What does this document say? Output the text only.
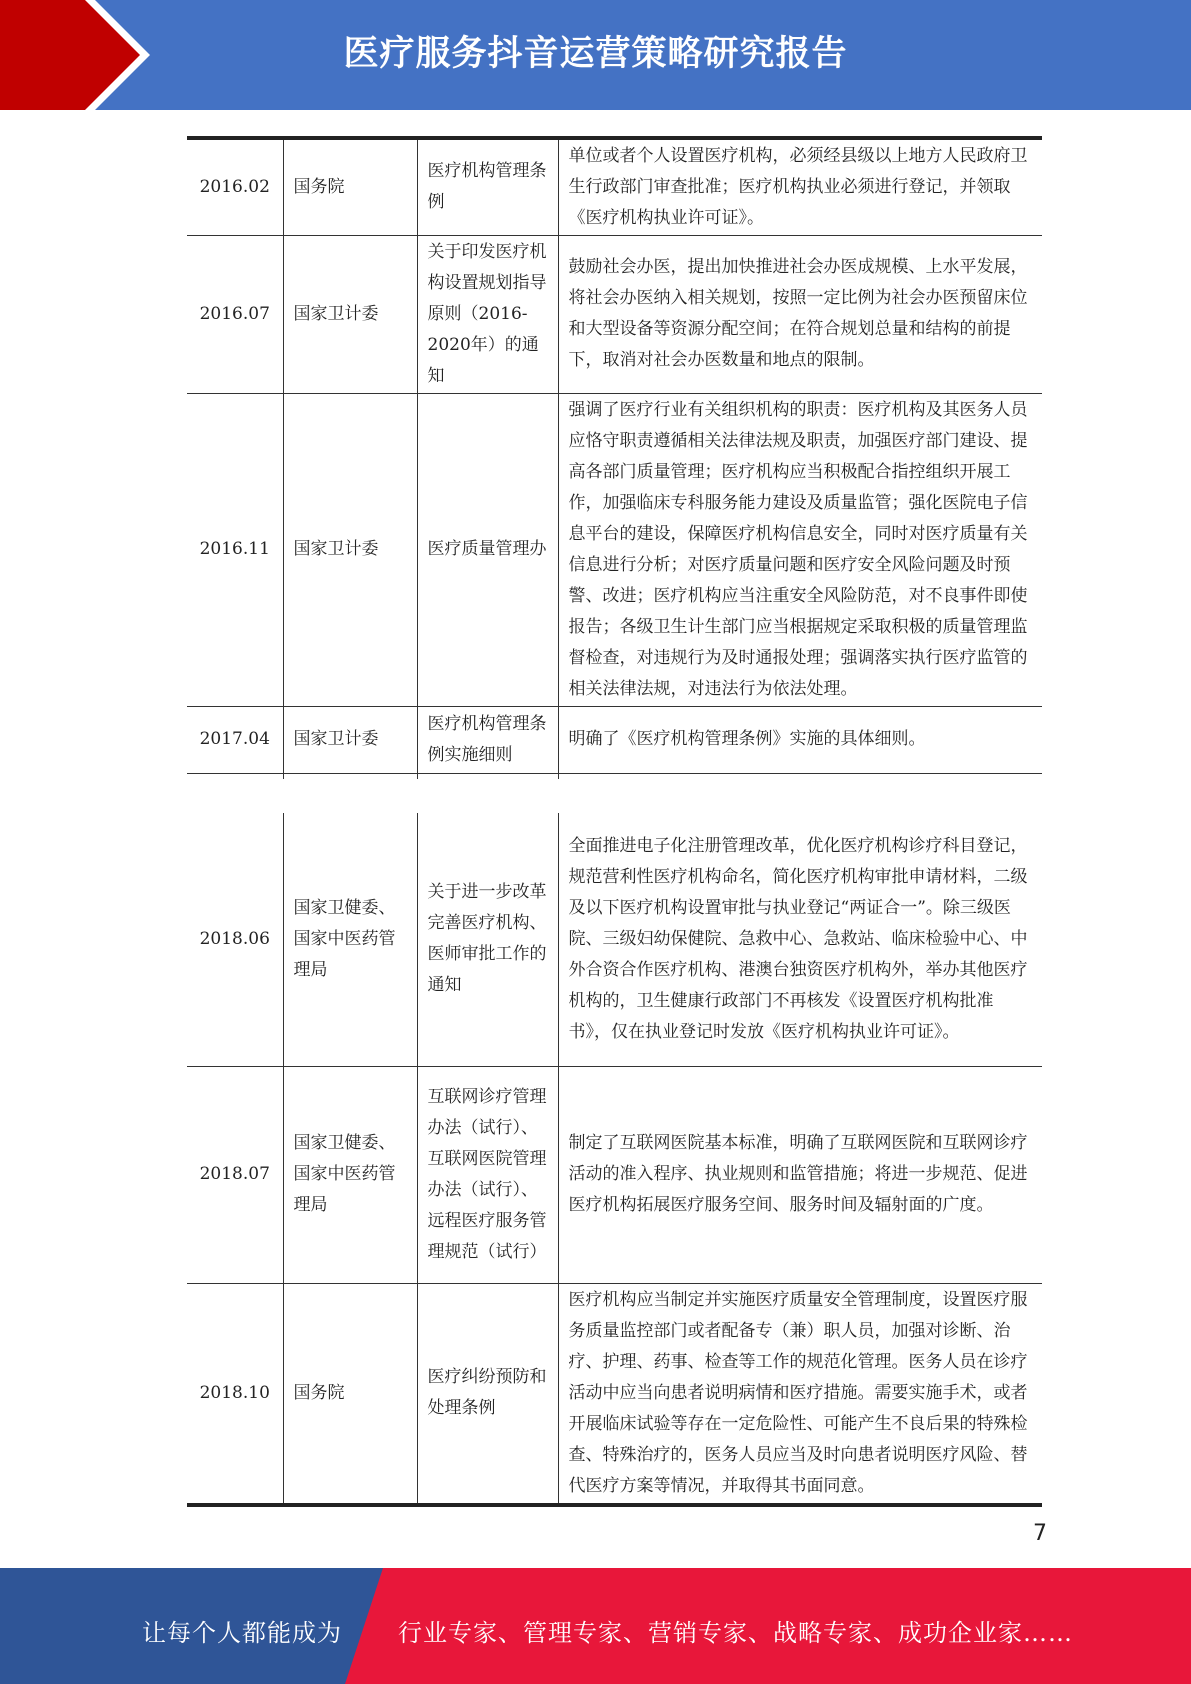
医疗服务抖音运营策略研究报告
2016.02	国务院	医疗机构管理条例	单位或者个人设置医疗机构，必须经县级以上地方人民政府卫生行政部门审查批准；医疗机构执业必须进行登记，并领取《医疗机构执业许可证》。
2016.07	国家卫计委	关于印发医疗机构设置规划指导原则（2016-2020年）的通知	鼓励社会办医，提出加快推进社会办医成规模、上水平发展，将社会办医纳入相关规划，按照一定比例为社会办医预留床位和大型设备等资源分配空间；在符合规划总量和结构的前提下，取消对社会办医数量和地点的限制。
2016.11	国家卫计委	医疗质量管理办	强调了医疗行业有关组织机构的职责：医疗机构及其医务人员应恪守职责遵循相关法律法规及职责，加强医疗部门建设、提高各部门质量管理；医疗机构应当积极配合指控组织开展工作，加强临床专科服务能力建设及质量监管；强化医院电子信息平台的建设，保障医疗机构信息安全，同时对医疗质量有关信息进行分析；对医疗质量问题和医疗安全风险问题及时预警、改进；医疗机构应当注重安全风险防范，对不良事件即使报告；各级卫生计生部门应当根据规定采取积极的质量管理监督检查，对违规行为及时通报处理；强调落实执行医疗监管的相关法律法规，对违法行为依法处理。
2017.04	国家卫计委	医疗机构管理条例实施细则	明确了《医疗机构管理条例》实施的具体细则。

2018.06	国家卫健委、国家中医药管理局	关于进一步改革完善医疗机构、医师审批工作的通知	全面推进电子化注册管理改革，优化医疗机构诊疗科目登记，规范营利性医疗机构命名，简化医疗机构审批申请材料，二级及以下医疗机构设置审批与执业登记“两证合一”。除三级医院、三级妇幼保健院、急救中心、急救站、临床检验中心、中外合资合作医疗机构、港澳台独资医疗机构外，举办其他医疗机构的，卫生健康行政部门不再核发《设置医疗机构批准书》，仅在执业登记时发放《医疗机构执业许可证》。
2018.07	国家卫健委、国家中医药管理局	互联网诊疗管理办法（试行）、互联网医院管理办法（试行）、远程医疗服务管理规范（试行）	制定了互联网医院基本标准，明确了互联网医院和互联网诊疗活动的准入程序、执业规则和监管措施；将进一步规范、促进医疗机构拓展医疗服务空间、服务时间及辐射面的广度。
2018.10	国务院	医疗纠纷预防和处理条例	医疗机构应当制定并实施医疗质量安全管理制度，设置医疗服务质量监控部门或者配备专（兼）职人员，加强对诊断、治疗、护理、药事、检查等工作的规范化管理。医务人员在诊疗活动中应当向患者说明病情和医疗措施。需要实施手术，或者开展临床试验等存在一定危险性、可能产生不良后果的特殊检查、特殊治疗的，医务人员应当及时向患者说明医疗风险、替代医疗方案等情况，并取得其书面同意。
7
让每个人都能成为 行业专家、管理专家、营销专家、战略专家、成功企业家……
